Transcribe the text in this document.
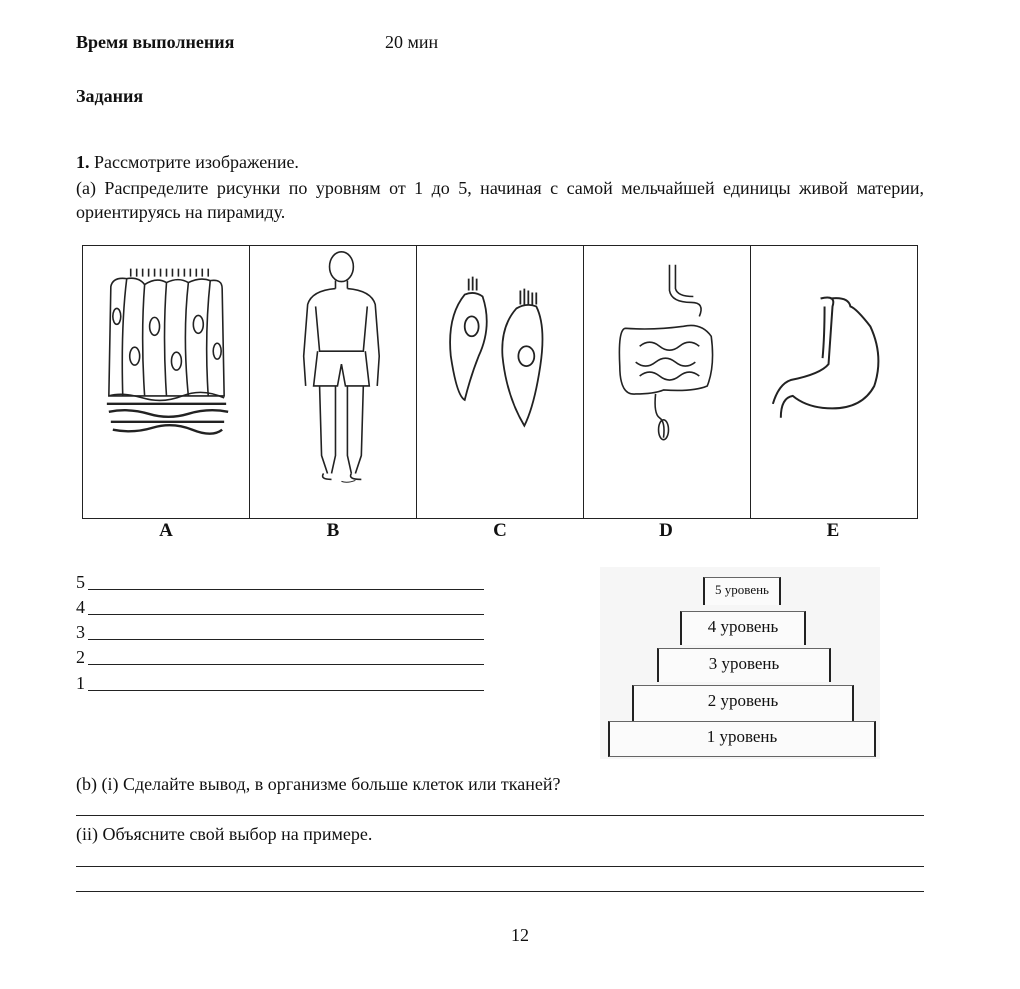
Время выполнения	20 мин
Задания
1. Рассмотрите изображение.
(а) Распределите рисунки по уровням от 1 до 5, начиная с самой мельчайшей единицы живой материи, ориентируясь на пирамиду.
A	B	C	D	E
5
4
3
2
1
5 уровень
4 уровень
3 уровень
2 уровень
1 уровень
(b) (i) Сделайте вывод, в организме больше клеток или тканей?
(ii) Объясните свой выбор на примере.
12
